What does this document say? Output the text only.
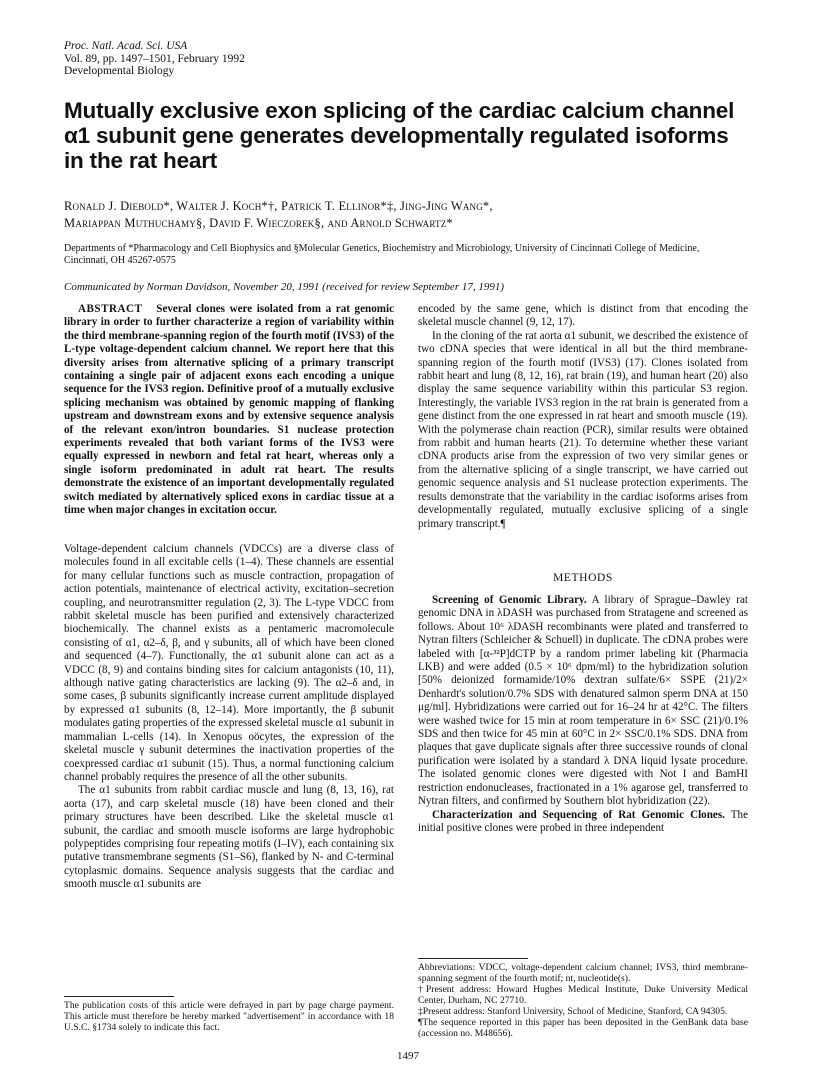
Proc. Natl. Acad. Sci. USA
Vol. 89, pp. 1497–1501, February 1992
Developmental Biology
Mutually exclusive exon splicing of the cardiac calcium channel α1 subunit gene generates developmentally regulated isoforms in the rat heart
Ronald J. Diebold*, Walter J. Koch*†, Patrick T. Ellinor*‡, Jing-Jing Wang*,
Mariappan Muthuchamy§, David F. Wieczorek§, and Arnold Schwartz*
Departments of *Pharmacology and Cell Biophysics and §Molecular Genetics, Biochemistry and Microbiology, University of Cincinnati College of Medicine,
Cincinnati, OH 45267-0575
Communicated by Norman Davidson, November 20, 1991 (received for review September 17, 1991)

ABSTRACT Several clones were isolated from a rat genomic library in order to further characterize a region of variability within the third membrane-spanning region of the fourth motif (IVS3) of the L-type voltage-dependent calcium channel. We report here that this diversity arises from alternative splicing of a primary transcript containing a single pair of adjacent exons each encoding a unique sequence for the IVS3 region. Definitive proof of a mutually exclusive splicing mechanism was obtained by genomic mapping of flanking upstream and downstream exons and by extensive sequence analysis of the relevant exon/intron boundaries. S1 nuclease protection experiments revealed that both variant forms of the IVS3 were equally expressed in newborn and fetal rat heart, whereas only a single isoform predominated in adult rat heart. The results demonstrate the existence of an important developmentally regulated switch mediated by alternatively spliced exons in cardiac tissue at a time when major changes in excitation occur.

Voltage-dependent calcium channels (VDCCs) are a diverse class of molecules found in all excitable cells (1–4). These channels are essential for many cellular functions such as muscle contraction, propagation of action potentials, maintenance of electrical activity, excitation–secretion coupling, and neurotransmitter regulation (2, 3). The L-type VDCC from rabbit skeletal muscle has been purified and extensively characterized biochemically. The channel exists as a pentameric macromolecule consisting of α1, α2–δ, β, and γ subunits, all of which have been cloned and sequenced (4–7). Functionally, the α1 subunit alone can act as a VDCC (8, 9) and contains binding sites for calcium antagonists (10, 11), although native gating characteristics are lacking (9). The α2–δ and, in some cases, β subunits significantly increase current amplitude displayed by expressed α1 subunits (8, 12–14). More importantly, the β subunit modulates gating properties of the expressed skeletal muscle α1 subunit in mammalian L-cells (14). In Xenopus oöcytes, the expression of the skeletal muscle γ subunit determines the inactivation properties of the coexpressed cardiac α1 subunit (15). Thus, a normal functioning calcium channel probably requires the presence of all the other subunits.

The α1 subunits from rabbit cardiac muscle and lung (8, 13, 16), rat aorta (17), and carp skeletal muscle (18) have been cloned and their primary structures have been described. Like the skeletal muscle α1 subunit, the cardiac and smooth muscle isoforms are large hydrophobic polypeptides comprising four repeating motifs (I–IV), each containing six putative transmembrane segments (S1–S6), flanked by N- and C-terminal cytoplasmic domains. Sequence analysis suggests that the cardiac and smooth muscle α1 subunits are

The publication costs of this article were defrayed in part by page charge payment. This article must therefore be hereby marked "advertisement" in accordance with 18 U.S.C. §1734 solely to indicate this fact.

encoded by the same gene, which is distinct from that encoding the skeletal muscle channel (9, 12, 17).

In the cloning of the rat aorta α1 subunit, we described the existence of two cDNA species that were identical in all but the third membrane-spanning region of the fourth motif (IVS3) (17). Clones isolated from rabbit heart and lung (8, 12, 16), rat brain (19), and human heart (20) also display the same sequence variability within this particular S3 region. Interestingly, the variable IVS3 region in the rat brain is generated from a gene distinct from the one expressed in rat heart and smooth muscle (19). With the polymerase chain reaction (PCR), similar results were obtained from rabbit and human hearts (21). To determine whether these variant cDNA products arise from the expression of two very similar genes or from the alternative splicing of a single transcript, we have carried out genomic sequence analysis and S1 nuclease protection experiments. The results demonstrate that the variability in the cardiac isoforms arises from developmentally regulated, mutually exclusive splicing of a single primary transcript.¶

METHODS

Screening of Genomic Library. A library of Sprague–Dawley rat genomic DNA in λDASH was purchased from Stratagene and screened as follows. About 10⁶ λDASH recombinants were plated and transferred to Nytran filters (Schleicher & Schuell) in duplicate. The cDNA probes were labeled with [α-³²P]dCTP by a random primer labeling kit (Pharmacia LKB) and were added (0.5 × 10⁶ dpm/ml) to the hybridization solution [50% deionized formamide/10% dextran sulfate/6× SSPE (21)/2× Denhardt's solution/0.7% SDS with denatured salmon sperm DNA at 150 μg/ml]. Hybridizations were carried out for 16–24 hr at 42°C. The filters were washed twice for 15 min at room temperature in 6× SSC (21)/0.1% SDS and then twice for 45 min at 60°C in 2× SSC/0.1% SDS. DNA from plaques that gave duplicate signals after three successive rounds of clonal purification were isolated by a standard λ DNA liquid lysate procedure. The isolated genomic clones were digested with Not I and BamHI restriction endonucleases, fractionated in a 1% agarose gel, transferred to Nytran filters, and confirmed by Southern blot hybridization (22).

Characterization and Sequencing of Rat Genomic Clones. The initial positive clones were probed in three independent

Abbreviations: VDCC, voltage-dependent calcium channel; IVS3, third membrane-spanning segment of the fourth motif; nt, nucleotide(s).

†Present address: Howard Hughes Medical Institute, Duke University Medical Center, Durham, NC 27710.

‡Present address: Stanford University, School of Medicine, Stanford, CA 94305.

¶The sequence reported in this paper has been deposited in the GenBank data base (accession no. M48656).

1497
